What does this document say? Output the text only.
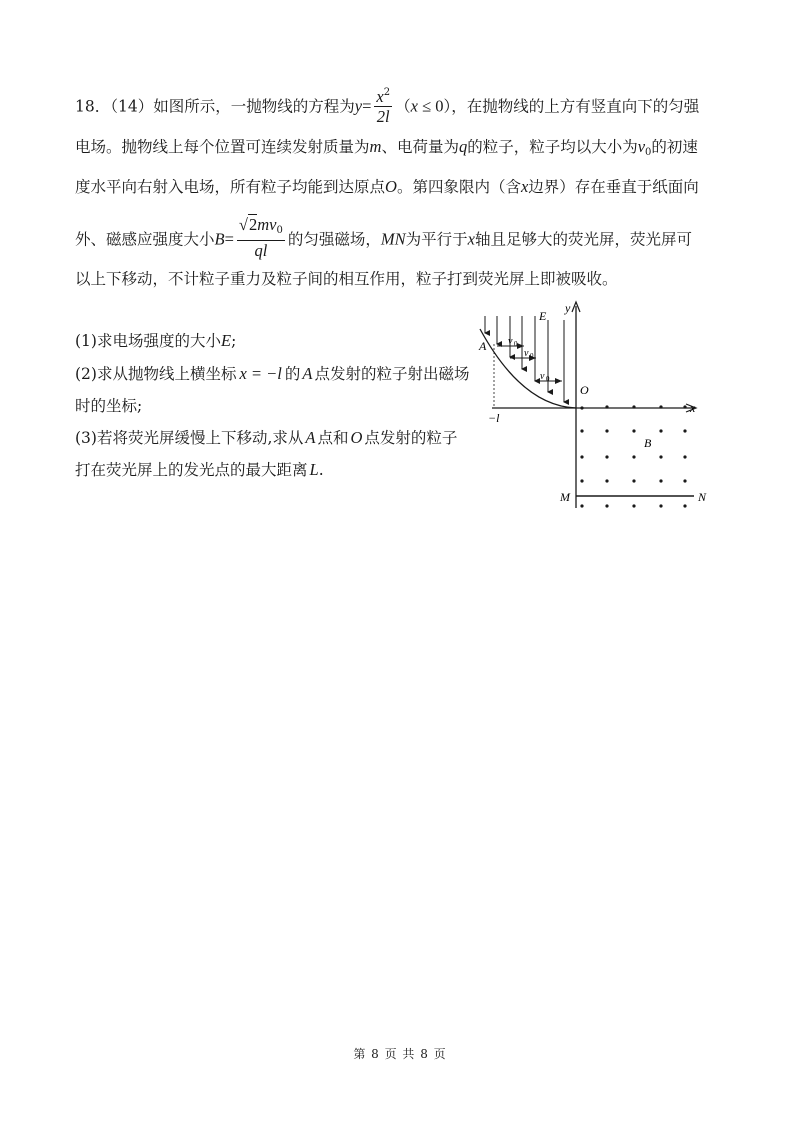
18．（14）如图所示，一抛物线的方程为$y= \frac{x^2}{2l} (x \le 0)$，在抛物线的上方有竖直向下的匀强
电场。抛物线上每个位置可连续发射质量为m、电荷量为q的粒子，粒子均以大小为$v_0$的初速
度水平向右射入电场，所有粒子均能到达原点O。第四象限内（含x边界）存在垂直于纸面向
外、磁感应强度大小$B= \frac{√2mv_0}{ql}$ 的匀强磁场，MN为平行于x轴且足够大的荧光屏，荧光屏可
以上下移动，不计粒子重力及粒子间的相互作用，粒子打到荧光屏上即被吸收。
(1)求电场强度的大小E;
(2)求从抛物线上横坐标 x = −l 的 A 点发射的粒子射出磁场
时的坐标;
(3)若将荧光屏缓慢上下移动,求从 A 点和 O 点发射的粒子
打在荧光屏上的发光点的最大距离 L.
E
y
A v 0
v 0
v 0
O
−l
x
B
M	N
第 8 页 共 8 页
